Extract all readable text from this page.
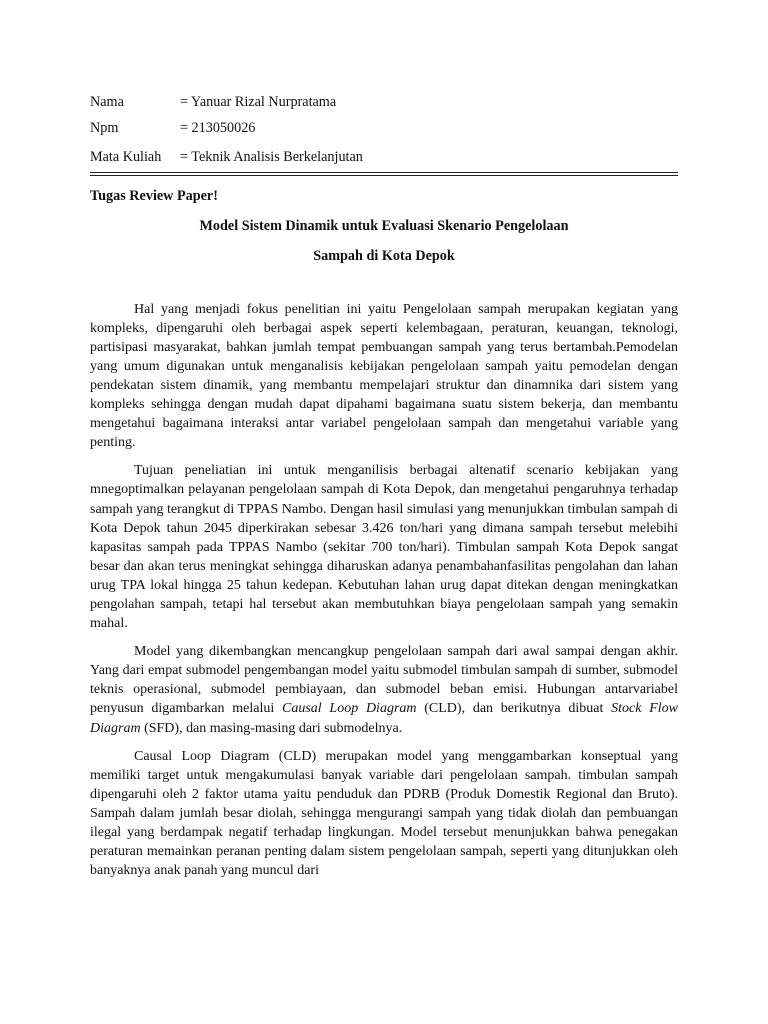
Nama	= Yanuar Rizal Nurpratama
Npm	= 213050026
Mata Kuliah	= Teknik Analisis Berkelanjutan
Tugas Review Paper!
Model Sistem Dinamik untuk Evaluasi Skenario Pengelolaan
Sampah di Kota Depok

Hal yang menjadi fokus penelitian ini yaitu Pengelolaan sampah merupakan kegiatan yang kompleks, dipengaruhi oleh berbagai aspek seperti kelembagaan, peraturan, keuangan, teknologi, partisipasi masyarakat, bahkan jumlah tempat pembuangan sampah yang terus bertambah.Pemodelan yang umum digunakan untuk menganalisis kebijakan pengelolaan sampah yaitu pemodelan dengan pendekatan sistem dinamik, yang membantu mempelajari struktur dan dinamnika dari sistem yang kompleks sehingga dengan mudah dapat dipahami bagaimana suatu sistem bekerja, dan membantu mengetahui bagaimana interaksi antar variabel pengelolaan sampah dan mengetahui variable yang penting.

Tujuan peneliatian ini untuk menganilisis berbagai altenatif scenario kebijakan yang mnegoptimalkan pelayanan pengelolaan sampah di Kota Depok, dan mengetahui pengaruhnya terhadap sampah yang terangkut di TPPAS Nambo. Dengan hasil simulasi yang menunjukkan timbulan sampah di Kota Depok tahun 2045 diperkirakan sebesar 3.426 ton/hari yang dimana sampah tersebut melebihi kapasitas sampah pada TPPAS Nambo (sekitar 700 ton/hari). Timbulan sampah Kota Depok sangat besar dan akan terus meningkat sehingga diharuskan adanya penambahanfasilitas pengolahan dan lahan urug TPA lokal hingga 25 tahun kedepan. Kebutuhan lahan urug dapat ditekan dengan meningkatkan pengolahan sampah, tetapi hal tersebut akan membutuhkan biaya pengelolaan sampah yang semakin mahal.

Model yang dikembangkan mencangkup pengelolaan sampah dari awal sampai dengan akhir. Yang dari empat submodel pengembangan model yaitu submodel timbulan sampah di sumber, submodel teknis operasional, submodel pembiayaan, dan submodel beban emisi. Hubungan antarvariabel penyusun digambarkan melalui Causal Loop Diagram (CLD), dan berikutnya dibuat Stock Flow Diagram (SFD), dan masing-masing dari submodelnya.

Causal Loop Diagram (CLD) merupakan model yang menggambarkan konseptual yang memiliki target untuk mengakumulasi banyak variable dari pengelolaan sampah. timbulan sampah dipengaruhi oleh 2 faktor utama yaitu penduduk dan PDRB (Produk Domestik Regional dan Bruto). Sampah dalam jumlah besar diolah, sehingga mengurangi sampah yang tidak diolah dan pembuangan ilegal yang berdampak negatif terhadap lingkungan. Model tersebut menunjukkan bahwa penegakan peraturan memainkan peranan penting dalam sistem pengelolaan sampah, seperti yang ditunjukkan oleh banyaknya anak panah yang muncul dari
